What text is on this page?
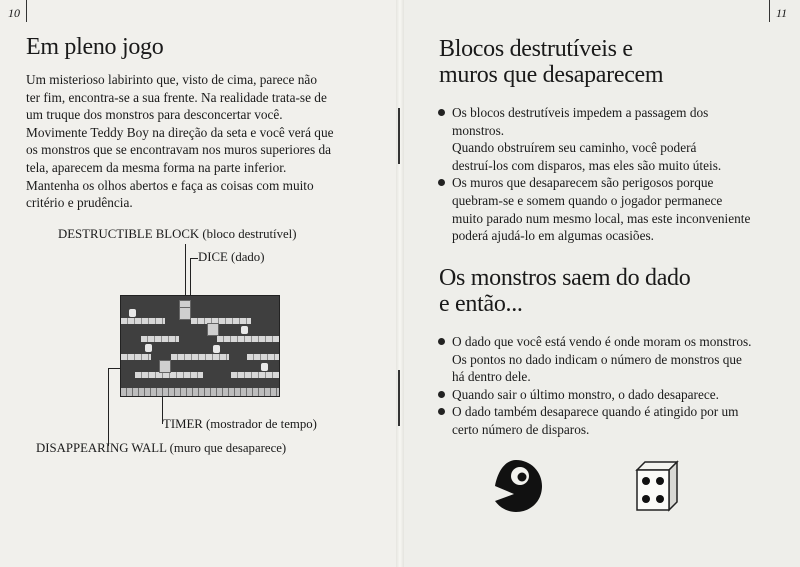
10
Em pleno jogo
Um misterioso labirinto que, visto de cima, parece não
ter fim, encontra-se a sua frente. Na realidade trata-se de
um truque dos monstros para desconcertar você.
Movimente Teddy Boy na direção da seta e você verá que
os monstros que se encontravam nos muros superiores da
tela, aparecem da mesma forma na parte inferior.
Mantenha os olhos abertos e faça as coisas com muito
critério e prudência.
DESTRUCTIBLE BLOCK (bloco destrutível)
DICE (dado)
TIMER (mostrador de tempo)
DISAPPEARING WALL (muro que desaparece)
11
Blocos destrutíveis e
muros que desaparecem
Os blocos destrutíveis impedem a passagem dos
monstros.
Quando obstruírem seu caminho, você poderá
destruí-los com disparos, mas eles são muito úteis.
Os muros que desaparecem são perigosos porque
quebram-se e somem quando o jogador permanece
muito parado num mesmo local, mas este inconveniente
poderá ajudá-lo em algumas ocasiões.
Os monstros saem do dado
e então...
O dado que você está vendo é onde moram os monstros.
Os pontos no dado indicam o número de monstros que
há dentro dele.
Quando sair o último monstro, o dado desaparece.
O dado também desaparece quando é atingido por um
certo número de disparos.
